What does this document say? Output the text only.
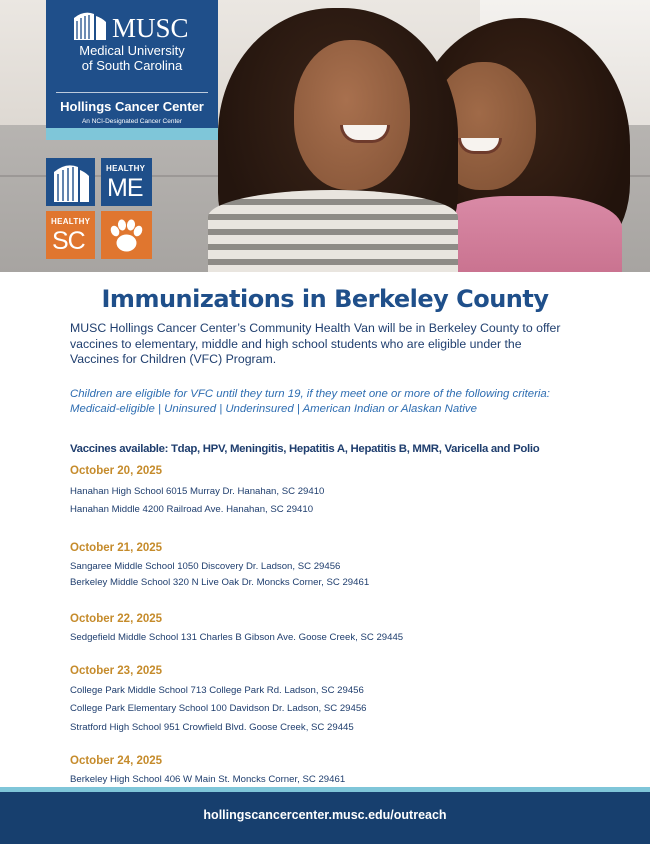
MUSC
Medical University
of South Carolina
Hollings Cancer Center
An NCI-Designated Cancer Center
HEALTHY
ME
HEALTHY
SC
Immunizations in Berkeley County

MUSC Hollings Cancer Center’s Community Health Van will be in Berkeley County to offer vaccines to elementary, middle and high school students who are eligible under the Vaccines for Children (VFC) Program.

Children are eligible for VFC until they turn 19, if they meet one or more of the following criteria:
Medicaid-eligible | Uninsured | Underinsured | American Indian or Alaskan Native
Vaccines available: Tdap, HPV, Meningitis, Hepatitis A, Hepatitis B, MMR, Varicella and Polio
October 20, 2025
Hanahan High School 6015 Murray Dr. Hanahan, SC 29410
Hanahan Middle 4200 Railroad Ave. Hanahan, SC 29410
October 21, 2025
Sangaree Middle School 1050 Discovery Dr. Ladson, SC 29456
Berkeley Middle School 320 N Live Oak Dr. Moncks Corner, SC 29461
October 22, 2025
Sedgefield Middle School 131 Charles B Gibson Ave. Goose Creek, SC 29445
October 23, 2025
College Park Middle School 713 College Park Rd. Ladson, SC 29456
College Park Elementary School 100 Davidson Dr. Ladson, SC 29456
Stratford High School 951 Crowfield Blvd. Goose Creek, SC 29445
October 24, 2025
Berkeley High School 406 W Main St. Moncks Corner, SC 29461
hollingscancercenter.musc.edu/outreach
